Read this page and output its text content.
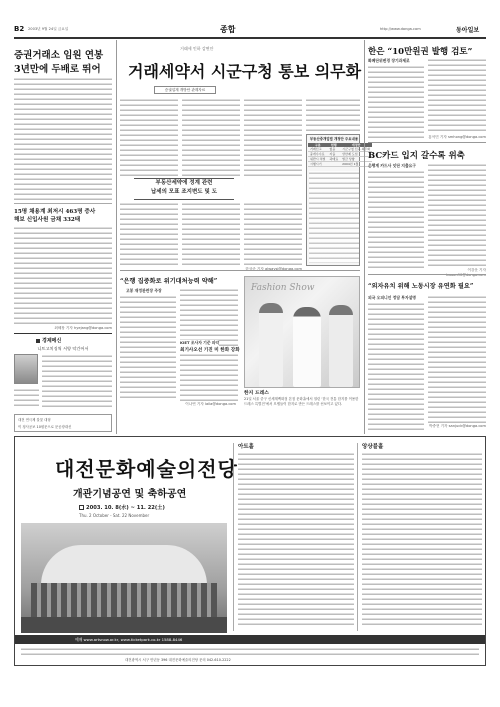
B2 2003년 9월 24일 금요일	종합	http://www.donga.com	동아일보
증권거래소 임원 연봉
3년만에 두배로 뛰어
15명 채용계 최저시 463명 증사
해보 신입사원 금채 332태
최혜장 기자 hyejang@donga.com
경제메신
니트고치징씩 서양 악간어서
대전 연극제 불꽃 대형
이 청사공보 10원문으로 문공장대신
거래세 인하 감면안
거래세약서 시군구청 통보 의무화
증권업계 개방안 관계자료
부동산세약에 정계 관련
납세의 모표 조지변도 및 도
부동산중개업법 개정안 주요내용
구분	현행	개정안
거래신고	없음	시군구청 신고 의무화
중개수수료	자율	상한제 도입
위반시 처벌	과태료	벌금 상향
시행시기		2004년 1월
한상준 기자 alwaysj@donga.com
한은 “10만원권 발행 검토”
화폐단위변경 장기과제로
홍석민 기자 smhong@donga.com
BC카드 입지 갈수록 위축
은행계 카드사 잇단 지출요구
이강운 기자 kwoon90@donga.com
“외자유치 위해 노동시장 유연화 필요”
외국 오피니언 정담 투자설명
박중현 기자 sanjuck@donga.com
“은행 집중화로 위기대처능력 약해”
고봉 재정관련장 주장
이나연 기자 laila@donga.com
Fashion Show
한지 드레스
21일 서울 중구 신세계백화점 본점 문화홀에서 열린 ‘한국 전통 한지를 이용한 드레스 특별전’에서 모델들이 한지로 만든 드레스를 선보이고 있다.
KIET 조사자 기준 파악
최기사오선 기진 미 한화 강화
대전문화예술의전당
개관기념공연 및 축하공연
2003. 10. 8(水) ~ 11. 22(土)
Thu. 2 October - Sat. 22 November
아트홀	앙상블홀
예매 www.artsnow.or.kr, www.ticketpark.co.kr 1588-8446
대전광역시 서구 만년동 396 대전문화예술의전당 문의 042-610-2222
